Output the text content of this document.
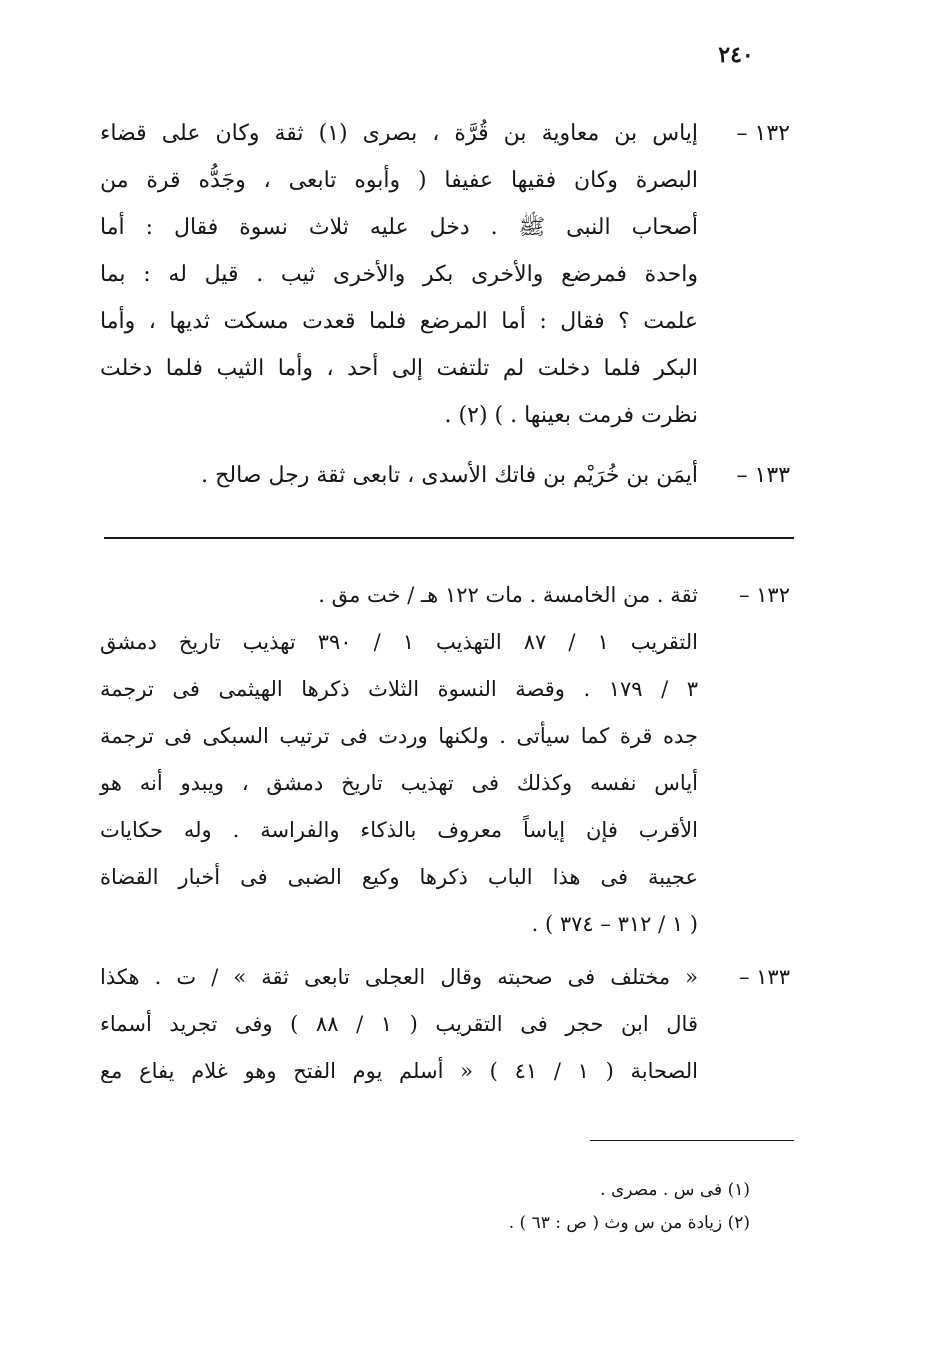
٢٤٠
١٣٢ –
إياس بن معاوية بن قُرَّة ، بصرى (١) ثقة وكان على قضاء
البصرة وكان فقيها عفيفا ( وأبوه تابعى ، وجَدُّه قرة من
أصحاب النبى ﷺ . دخل عليه ثلاث نسوة فقال : أما
واحدة فمرضع والأخرى بكر والأخرى ثيب . قيل له : بما
علمت ؟ فقال : أما المرضع فلما قعدت مسكت ثديها ، وأما
البكر فلما دخلت لم تلتفت إلى أحد ، وأما الثيب فلما دخلت
نظرت فرمت بعينها . ) (٢) .
١٣٣ –
أيمَن بن خُرَيْم بن فاتك الأسدى ، تابعى ثقة رجل صالح .
١٣٢ –
ثقة . من الخامسة . مات ١٢٢ هـ / خت مق .
التقريب ١ / ٨٧ التهذيب ١ / ٣٩٠ تهذيب تاريخ دمشق
٣ / ١٧٩ . وقصة النسوة الثلاث ذكرها الهيثمى فى ترجمة
جده قرة كما سيأتى . ولكنها وردت فى ترتيب السبكى فى ترجمة
أياس نفسه وكذلك فى تهذيب تاريخ دمشق ، ويبدو أنه هو
الأقرب فإن إياساً معروف بالذكاء والفراسة . وله حكايات
عجيبة فى هذا الباب ذكرها وكيع الضبى فى أخبار القضاة
( ١ / ٣١٢ – ٣٧٤ ) .
١٣٣ –
« مختلف فى صحبته وقال العجلى تابعى ثقة » / ت . هكذا
قال ابن حجر فى التقريب ( ١ / ٨٨ ) وفى تجريد أسماء
الصحابة ( ١ / ٤١ ) « أسلم يوم الفتح وهو غلام يفاع مع
(١) فى س . مصرى .
(٢) زيادة من س وث ( ص : ٦٣ ) .
